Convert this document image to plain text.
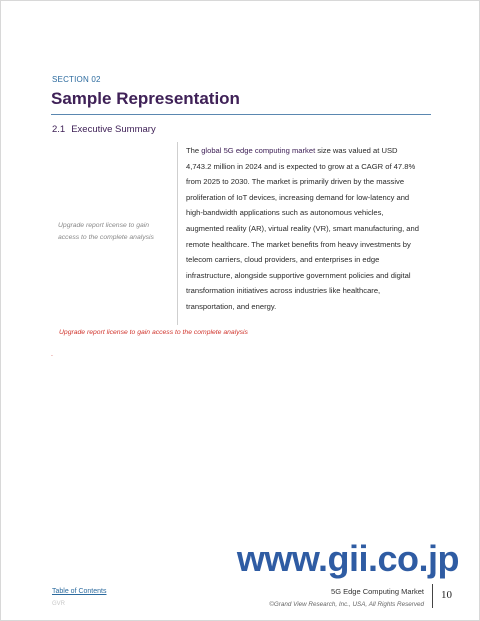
SECTION 02
Sample Representation
2.1 Executive Summary
Upgrade report license to gain access to the complete analysis
The global 5G edge computing market size was valued at USD 4,743.2 million in 2024 and is expected to grow at a CAGR of 47.8% from 2025 to 2030. The market is primarily driven by the massive proliferation of IoT devices, increasing demand for low-latency and high-bandwidth applications such as autonomous vehicles, augmented reality (AR), virtual reality (VR), smart manufacturing, and remote healthcare. The market benefits from heavy investments by telecom carriers, cloud providers, and enterprises in edge infrastructure, alongside supportive government policies and digital transformation initiatives across industries like healthcare, transportation, and energy.
Upgrade report license to gain access to the complete analysis
.
www.gii.co.jp
Table of Contents
GVR
5G Edge Computing Market
©Grand View Research, Inc., USA, All Rights Reserved
10
